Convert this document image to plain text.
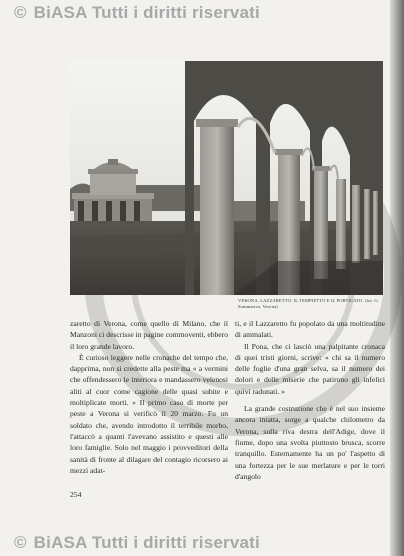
© BiASA Tutti i diritti riservati
VERONA, LAZZARETTO: IL TEMPIETTO E IL PORTICATO. (fot. G. Sommariva, Verona)

zaretto di Verona, come quello di Milano, che il Manzoni ci descrisse in pagine commoventi, ebbero il loro grande lavoro.

È curioso leggere nelle cronache del tempo che, dapprima, non si credette alla peste ma « a vermini che offendessero le interiora e mandassero velenosi aliti al cuor come cagione delle quasi subite e moltiplicate morti. » Il primo caso di morte per peste a Verona si verificò il 20 marzo. Fu un soldato che, avendo introdotto il terribile morbo, l'attaccò a quanti l'avevano assistito e questi alle loro famiglie. Solo nel maggio i provveditori della sanità di fronte al dilagare del contagio ricorsero ai mezzi adat-

ti, e il Lazzaretto fu popolato da una moltitudine di ammalati.

Il Pona, che ci lasciò una palpitante cronaca di quei tristi giorni, scrive: « chi sa il numero delle foglie d'una gran selva, sa il numero dei dolori e delle miserie che patirono gli infelici quivi radunati. »

La grande costruzione che è nel suo insieme ancora intatta, sorge a qualche chilometro da Verona, sulla riva destra dell'Adige, dove il fiume, dopo una svolta piuttosto brusca, scorre tranquillo. Esternamente ha un po' l'aspetto di una fortezza per le sue merlature e per le torri d'angolo

254
© BiASA Tutti i diritti riservati
